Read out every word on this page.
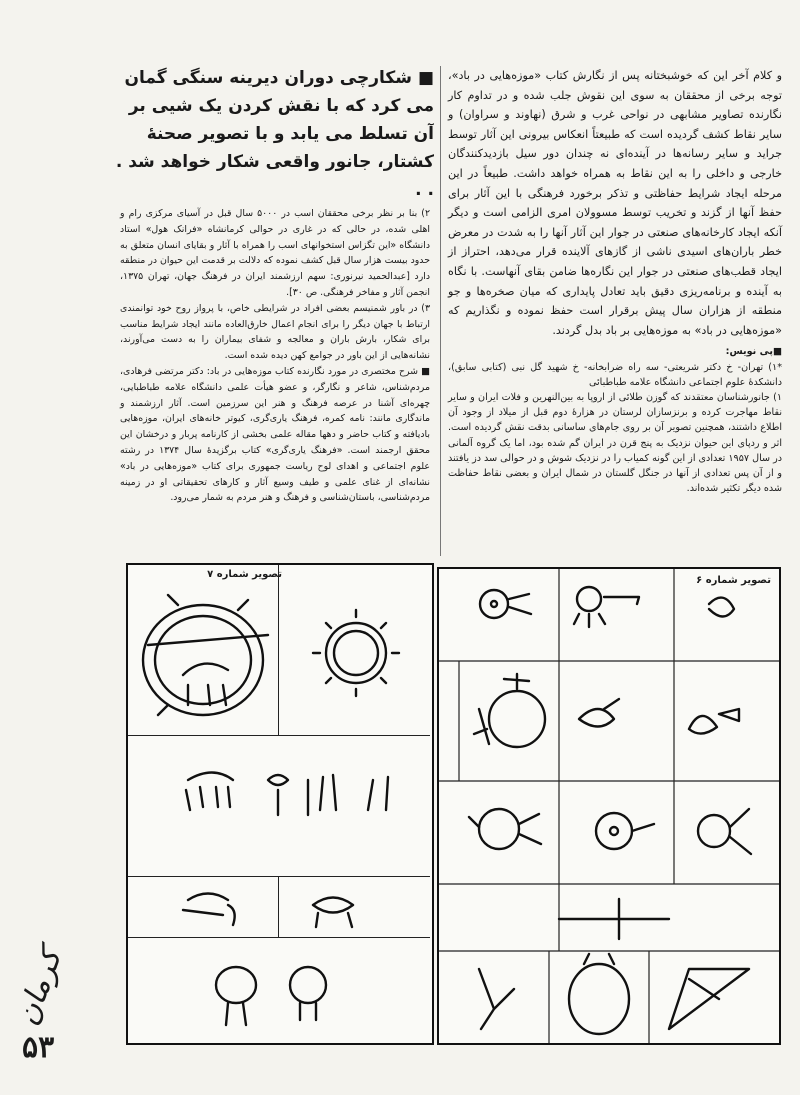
■ شکارچی دوران دیرینه سنگی گمان می کرد که با نقش کردن یک شیی بر آن تسلط می یابد و با تصویر صحنهٔ کشتار، جانور واقعی شکار خواهد شد . . .

و کلام آخر این که خوشبختانه پس از نگارش کتاب «موزه‌هایی در باد»، توجه برخی از محققان به سوی این نقوش جلب شده و در تداوم کار نگارنده تصاویر مشابهی در نواحی غرب و شرق (نهاوند و سراوان) و سایر نقاط کشف گردیده است که طبیعتاً انعکاس بیرونی این آثار توسط جراید و سایر رسانه‌ها در آینده‌ای نه چندان دور سیل بازدیدکنندگان خارجی و داخلی را به این نقاط به همراه خواهد داشت. طبیعاً در این مرحله ایجاد شرایط حفاظتی و تذکر برخورد فرهنگی با این آثار برای حفظ آنها از گزند و تخریب توسط مسوولان امری الزامی است و دیگر آنکه ایجاد کارخانه‌های صنعتی در جوار این آثار آنها را به شدت در معرض خطر باران‌های اسیدی ناشی از گازهای آلاینده قرار می‌دهد، احتراز از ایجاد قطب‌های صنعتی در جوار این نگاره‌ها ضامن بقای آنهاست. با نگاه به آینده و برنامه‌ریزی دقیق باید تعادل پایداری که میان صخره‌ها و جو منطقه از هزاران سال پیش برقرار است حفظ نموده و نگذاریم که «موزه‌هایی در باد» به موزه‌هایی بر باد بدل گردند.

■پی نویس:

*۱) تهران- خ دکتر شریعتی- سه راه ضرابخانه- خ شهید گل نبی (کتابی سابق)، دانشکدهٔ علوم اجتماعی دانشگاه علامه طباطبائی

۱) جانورشناسان معتقدند که گوزن طلائی از اروپا به بین‌النهرین و فلات ایران و سایر نقاط مهاجرت کرده و برنزسازان لرستان در هزارهٔ دوم قبل از میلاد از وجود آن اطلاع داشتند، همچنین تصویر آن بر روی جام‌های ساسانی بدقت نقش گردیده است. اثر و ردپای این حیوان نزدیک به پنج قرن در ایران گم شده بود، اما یک گروه آلمانی در سال ۱۹۵۷ تعدادی از این گونه کمیاب را در نزدیک شوش و در حوالی سد دز یافتند و از آن پس تعدادی از آنها در جنگل گلستان در شمال ایران و بعضی نقاط حفاظت شده دیگر تکثیر شده‌اند.

۲) بنا بر نظر برخی محققان اسب در ۵۰۰۰ سال قبل در آسیای مرکزی رام و اهلی شده، در حالی که در غاری در حوالی کرمانشاه «فرانک هول» استاد دانشگاه «این تگزاس استخوانهای اسب را همراه با آثار و بقایای انسان متعلق به حدود بیست هزار سال قبل کشف نموده که دلالت بر قدمت این حیوان در منطقه دارد [عبدالحمید نیرنوری: سهم ارزشمند ایران در فرهنگ جهان، تهران ۱۳۷۵، انجمن آثار و مفاخر فرهنگی. ص ۳۰].

۳) در باور شمنیسم بعضی افراد در شرایطی خاص، با پرواز روح خود توانمندی ارتباط با جهان دیگر را برای انجام اعمال خارق‌العاده مانند ایجاد شرایط مناسب برای شکار، بارش باران و معالجه و شفای بیماران را به دست می‌آورند، نشانه‌هایی از این باور در جوامع کهن دیده شده است.

■ شرح مختصری در مورد نگارنده کتاب موزه‌هایی در باد: دکتر مرتضی فرهادی، مردم‌شناس، شاعر و نگارگر، و عضو هیأت علمی دانشگاه علامه طباطبایی، چهره‌ای آشنا در عرصه فرهنگ و هنر این سرزمین است. آثار ارزشمند و ماندگاری مانند: نامه کمره، فرهنگ یاری‌گری، کیوتر خانه‌های ایران، موزه‌هایی بادیافته و کتاب حاضر و دهها مقاله علمی بخشی از کارنامه پربار و درخشان این محقق ارجمند است. «فرهنگ یاری‌گری» کتاب برگزیدهٔ سال ۱۳۷۴ در رشته علوم اجتماعی و اهدای لوح ریاست جمهوری برای کتاب «موزه‌هایی در باد» نشانه‌ای از غنای علمی و طیف وسیع آثار و کارهای تحقیقاتی او در زمینه مردم‌شناسی، باستان‌شناسی و فرهنگ و هنر مردم به شمار می‌رود.

تصویر شماره ۷
تصویر شماره ۶
کرمان
۵۳
